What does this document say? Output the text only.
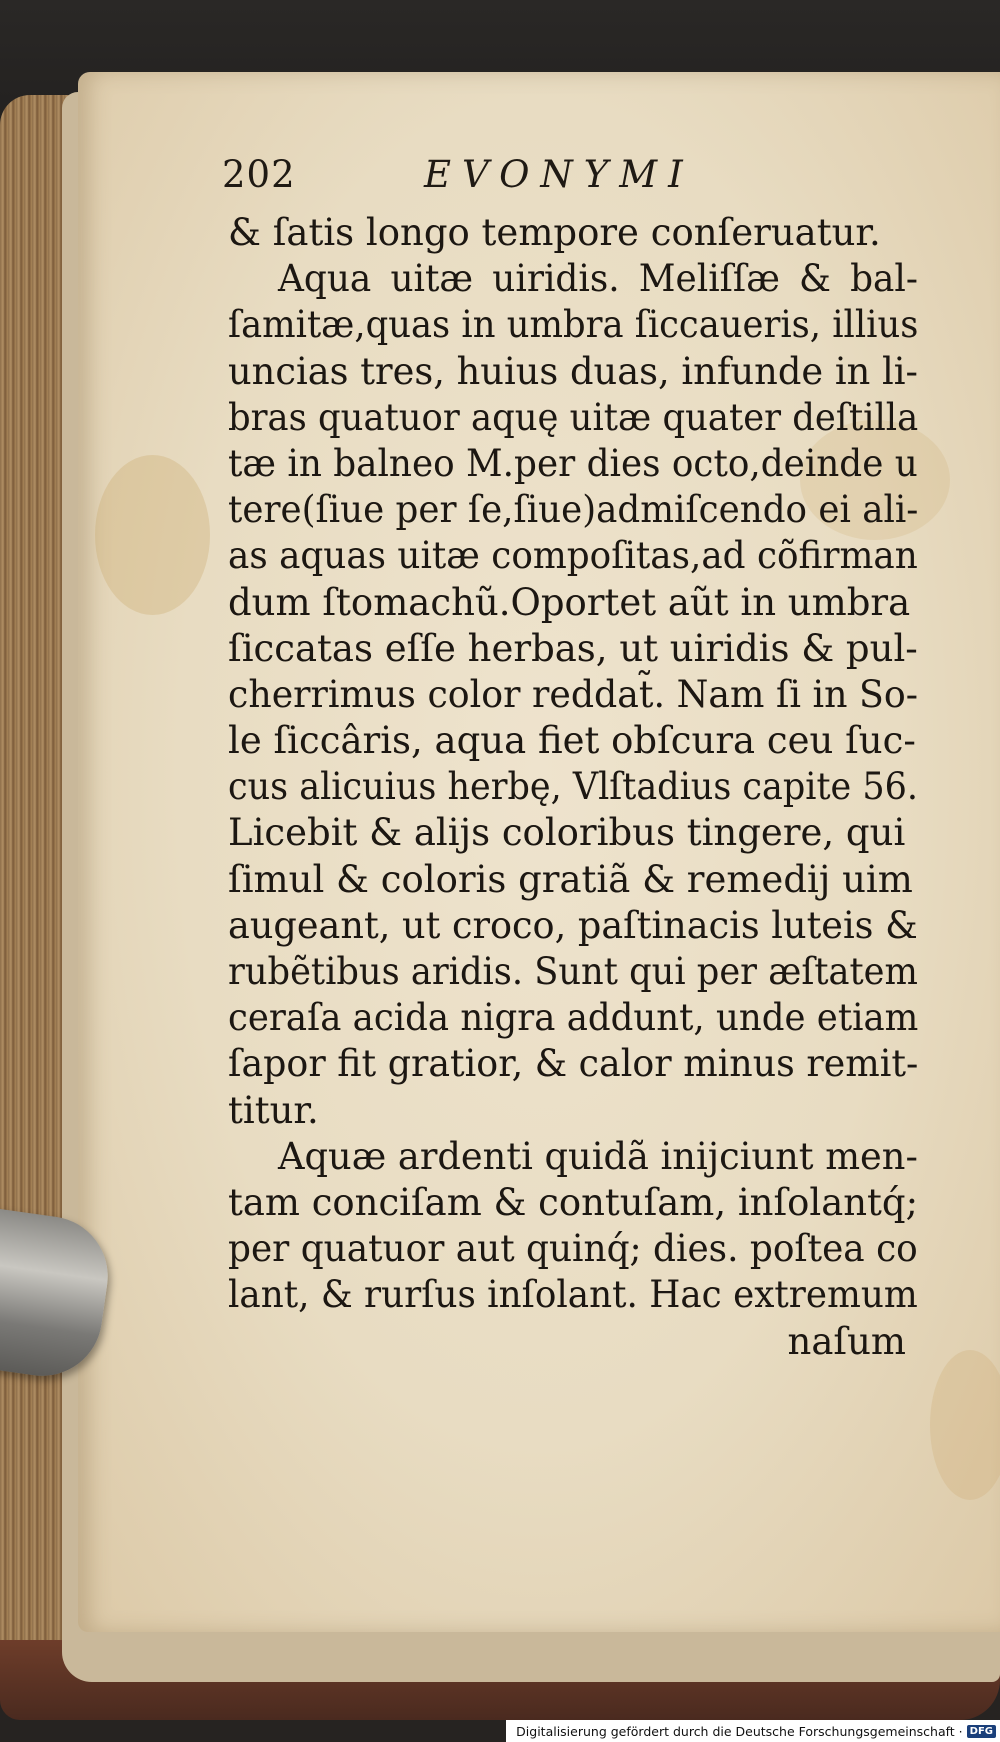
202	EVONYMI
& ſatis longo tempore conſeruatur.
Aqua uitæ uiridis. Meliſſæ & bal-
ſamitæ,quas in umbra ſiccaueris, illius
uncias tres, huius duas, infunde in li-
bras quatuor aquę uitæ quater deſtilla
tæ in balneo M.per dies octo,deinde u
tere(ſiue per ſe,ſiue)admiſcendo ei ali-
as aquas uitæ compoſitas,ad cõfirman
dum ſtomachũ.Oportet aũt in umbra
ſiccatas eſſe herbas, ut uiridis & pul-
cherrimus color reddat̃. Nam ſi in So-
le ſiccâris, aqua fiet obſcura ceu ſuc-
cus alicuius herbę, Vlſtadius capite 56.
Licebit & alijs coloribus tingere, qui
ſimul & coloris gratiã & remedij uim
augeant, ut croco, paſtinacis luteis &
rubẽtibus aridis. Sunt qui per æſtatem
ceraſa acida nigra addunt, unde etiam
ſapor fit gratior, & calor minus remit-
titur.
Aquæ ardenti quidã inijciunt men-
tam conciſam & contuſam, inſolantq́;
per quatuor aut quinq́; dies. poſtea co
lant, & rurſus inſolant. Hac extremum
naſum
Digitalisierung gefördert durch die Deutsche Forschungsgemeinschaft · DFG
